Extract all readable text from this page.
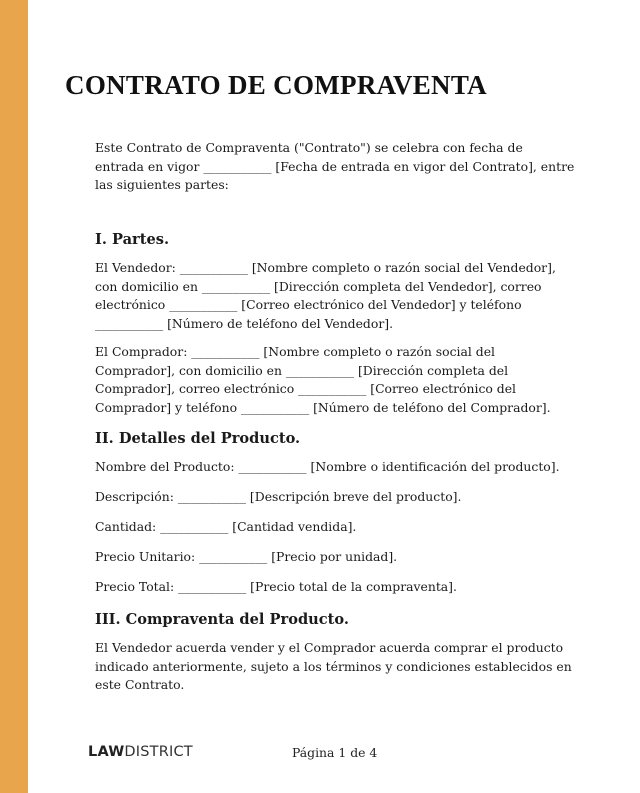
CONTRATO DE COMPRAVENTA

Este Contrato de Compraventa ("Contrato") se celebra con fecha de entrada en vigor ___________ [Fecha de entrada en vigor del Contrato], entre las siguientes partes:

I. Partes.

El Vendedor: ___________ [Nombre completo o razón social del Vendedor], con domicilio en ___________ [Dirección completa del Vendedor], correo electrónico ___________ [Correo electrónico del Vendedor] y teléfono ___________ [Número de teléfono del Vendedor].

El Comprador: ___________ [Nombre completo o razón social del Comprador], con domicilio en ___________ [Dirección completa del Comprador], correo electrónico ___________ [Correo electrónico del Comprador] y teléfono ___________ [Número de teléfono del Comprador].

II. Detalles del Producto.

Nombre del Producto: ___________ [Nombre o identificación del producto].

Descripción: ___________ [Descripción breve del producto].

Cantidad: ___________ [Cantidad vendida].

Precio Unitario: ___________ [Precio por unidad].

Precio Total: ___________ [Precio total de la compraventa].

III. Compraventa del Producto.

El Vendedor acuerda vender y el Comprador acuerda comprar el producto indicado anteriormente, sujeto a los términos y condiciones establecidos en este Contrato.

LAWDISTRICT	Página 1 de 4
